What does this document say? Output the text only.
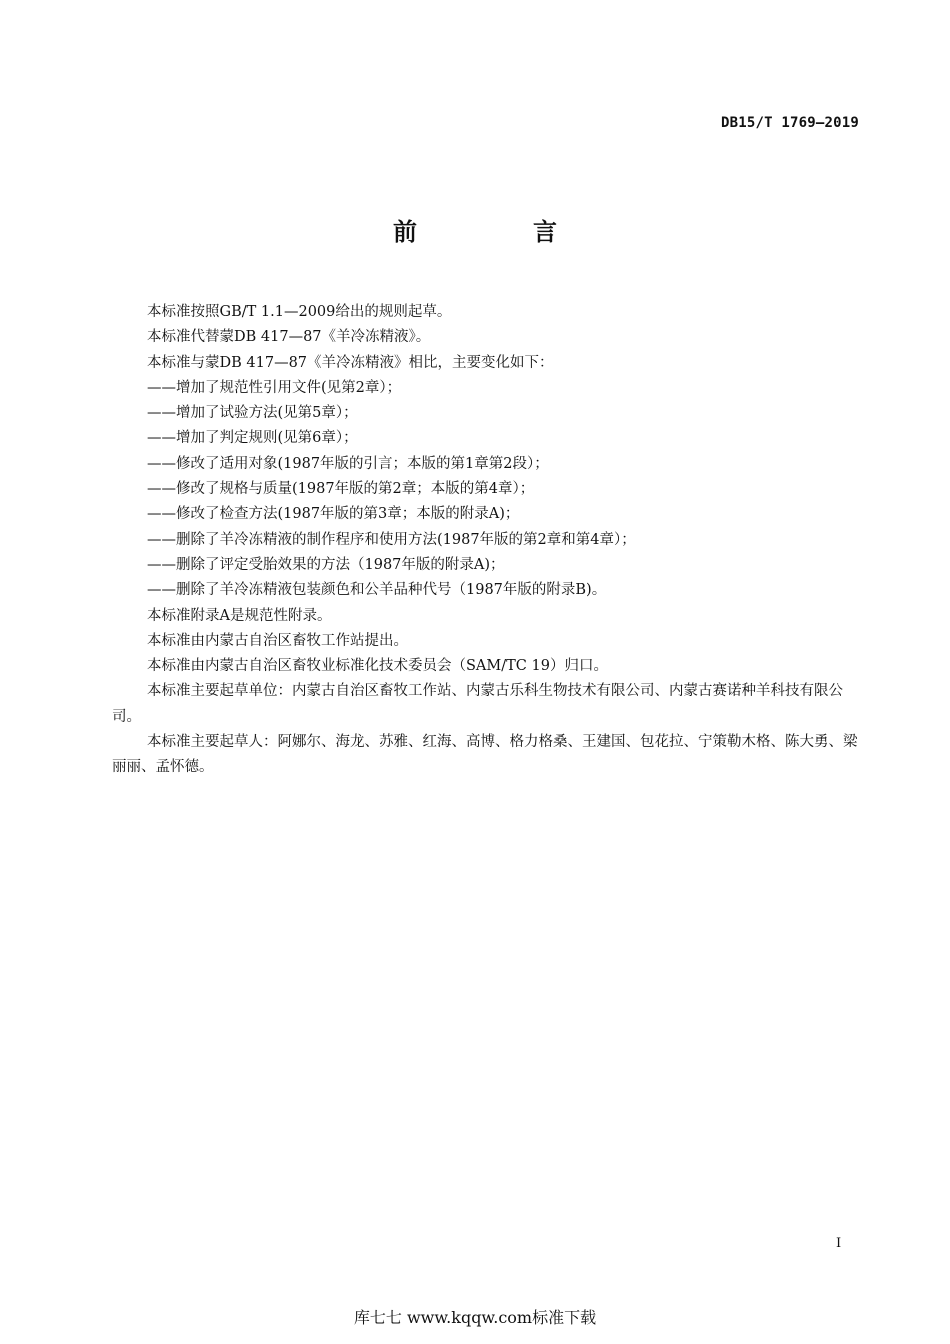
DB15/T 1769—2019
前　言

本标准按照GB/T 1.1—2009给出的规则起草。

本标准代替蒙DB 417—87《羊冷冻精液》。

本标准与蒙DB 417—87《羊冷冻精液》相比，主要变化如下：

——增加了规范性引用文件(见第2章）；

——增加了试验方法(见第5章）；

——增加了判定规则(见第6章）；

——修改了适用对象(1987年版的引言；本版的第1章第2段）；

——修改了规格与质量(1987年版的第2章；本版的第4章）；

——修改了检查方法(1987年版的第3章；本版的附录A)；

——删除了羊冷冻精液的制作程序和使用方法(1987年版的第2章和第4章）；

——删除了评定受胎效果的方法（1987年版的附录A)；

——删除了羊冷冻精液包装颜色和公羊品种代号（1987年版的附录B)。

本标准附录A是规范性附录。

本标准由内蒙古自治区畜牧工作站提出。

本标准由内蒙古自治区畜牧业标准化技术委员会（SAM/TC 19）归口。

本标准主要起草单位：内蒙古自治区畜牧工作站、内蒙古乐科生物技术有限公司、内蒙古赛诺种羊科技有限公司。

本标准主要起草人：阿娜尔、海龙、苏雅、红海、高博、格力格桑、王建国、包花拉、宁策勒木格、陈大勇、梁丽丽、孟怀德。

I
库七七 www.kqqw.com标准下载
